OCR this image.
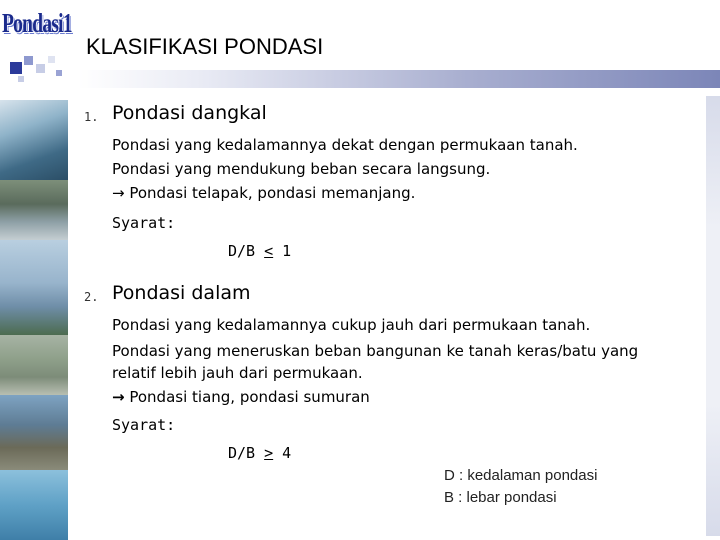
Pondasi1
KLASIFIKASI PONDASI
1. Pondasi dangkal
Pondasi yang kedalamannya dekat dengan permukaan tanah.
Pondasi yang mendukung beban secara langsung.
→ Pondasi telapak, pondasi memanjang.
Syarat:
D/B < 1
2. Pondasi dalam
Pondasi yang kedalamannya cukup jauh dari permukaan tanah.
Pondasi yang meneruskan beban bangunan ke tanah keras/batu yang
relatif lebih jauh dari permukaan.
→ Pondasi tiang, pondasi sumuran
Syarat:
D/B > 4
D : kedalaman pondasi
B : lebar pondasi
